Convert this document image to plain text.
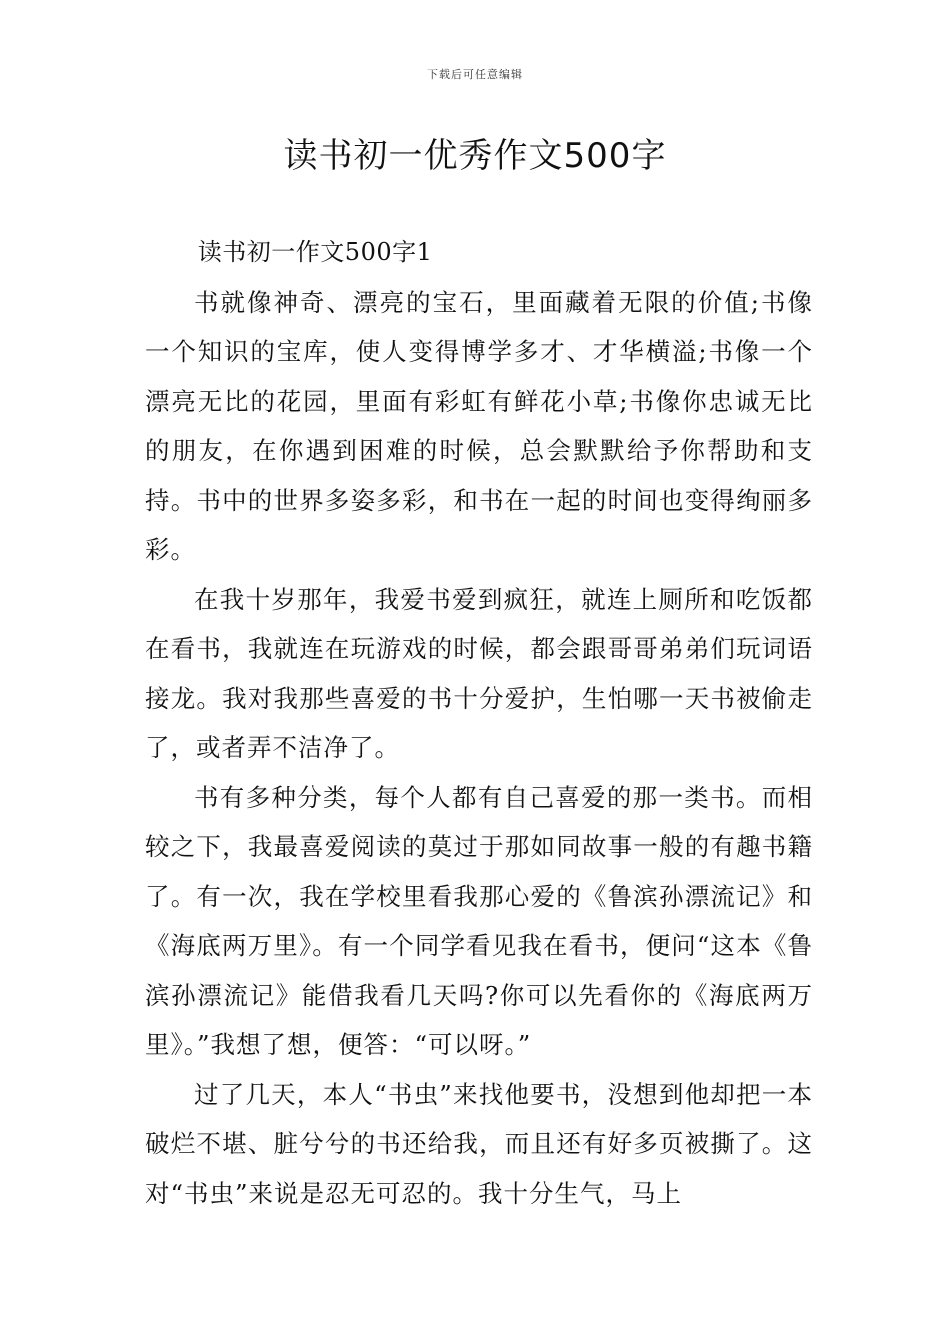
下载后可任意编辑
读书初一优秀作文500字

读书初一作文500字1

书就像神奇、漂亮的宝石，里面藏着无限的价值;书像一个知识的宝库，使人变得博学多才、才华横溢;书像一个漂亮无比的花园，里面有彩虹有鲜花小草;书像你忠诚无比的朋友，在你遇到困难的时候，总会默默给予你帮助和支持。书中的世界多姿多彩，和书在一起的时间也变得绚丽多彩。

在我十岁那年，我爱书爱到疯狂，就连上厕所和吃饭都在看书，我就连在玩游戏的时候，都会跟哥哥弟弟们玩词语接龙。我对我那些喜爱的书十分爱护，生怕哪一天书被偷走了，或者弄不洁净了。

书有多种分类，每个人都有自己喜爱的那一类书。而相较之下，我最喜爱阅读的莫过于那如同故事一般的有趣书籍了。有一次，我在学校里看我那心爱的《鲁滨孙漂流记》和《海底两万里》。有一个同学看见我在看书，便问“这本《鲁滨孙漂流记》能借我看几天吗?你可以先看你的《海底两万里》。”我想了想，便答：“可以呀。”

过了几天，本人“书虫”来找他要书，没想到他却把一本破烂不堪、脏兮兮的书还给我，而且还有好多页被撕了。这对“书虫”来说是忍无可忍的。我十分生气，马上
